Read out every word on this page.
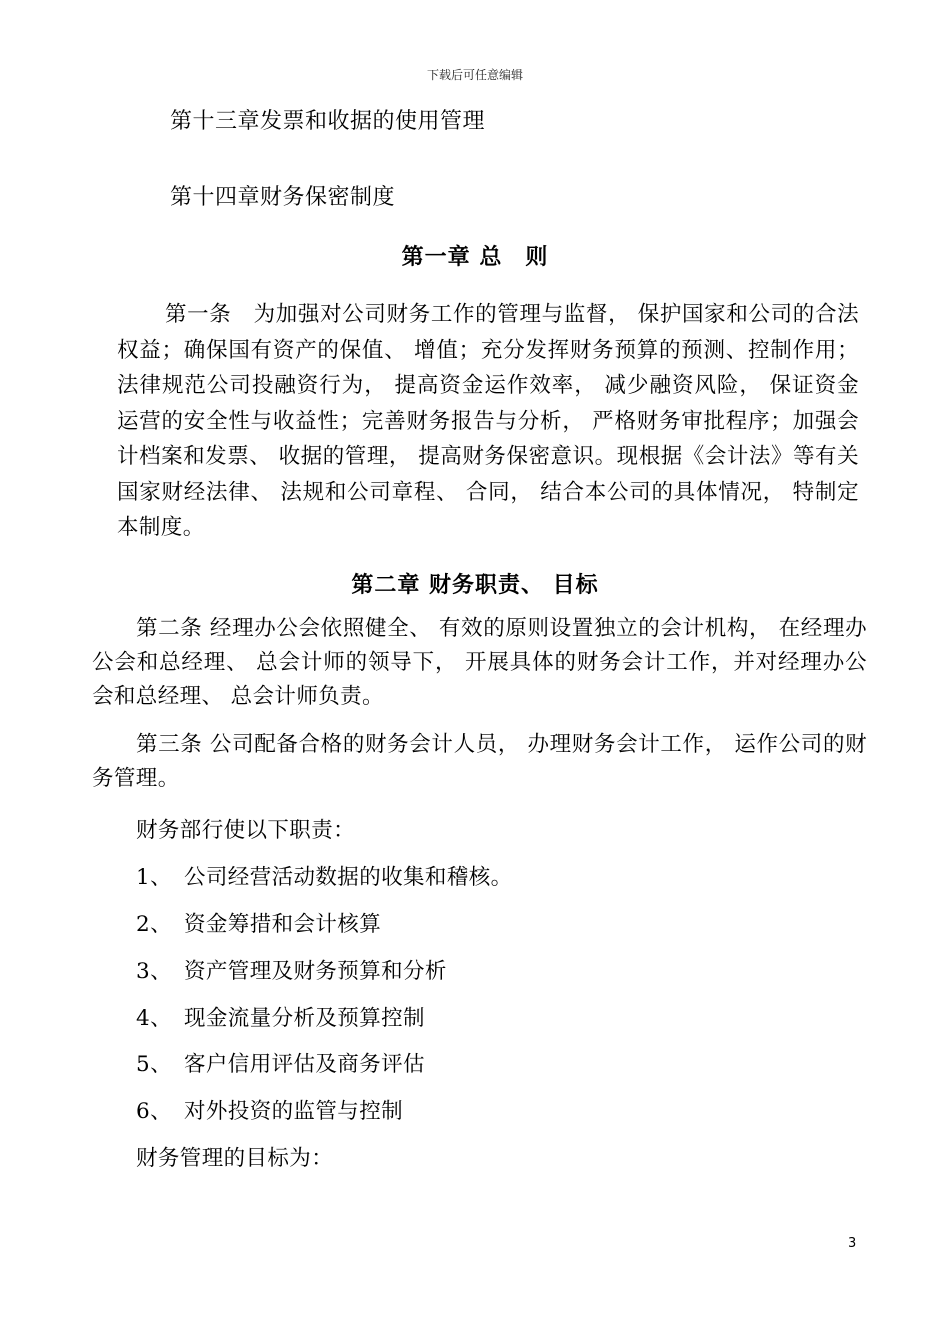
下载后可任意编辑
第十三章发票和收据的使用管理
第十四章财务保密制度
第一章 总　则
第一条　为加强对公司财务工作的管理与监督， 保护国家和公司的合法权益；确保国有资产的保值、 增值；充分发挥财务预算的预测、控制作用；法律规范公司投融资行为， 提高资金运作效率， 减少融资风险， 保证资金运营的安全性与收益性；完善财务报告与分析， 严格财务审批程序；加强会计档案和发票、 收据的管理， 提高财务保密意识。现根据《会计法》等有关国家财经法律、 法规和公司章程、 合同， 结合本公司的具体情况， 特制定本制度。
第二章 财务职责、 目标
第二条 经理办公会依照健全、 有效的原则设置独立的会计机构， 在经理办公会和总经理、 总会计师的领导下， 开展具体的财务会计工作，并对经理办公会和总经理、 总会计师负责。
第三条 公司配备合格的财务会计人员， 办理财务会计工作， 运作公司的财务管理。
财务部行使以下职责：
1、 公司经营活动数据的收集和稽核。
2、 资金筹措和会计核算
3、 资产管理及财务预算和分析
4、 现金流量分析及预算控制
5、 客户信用评估及商务评估
6、 对外投资的监管与控制
财务管理的目标为：
3
